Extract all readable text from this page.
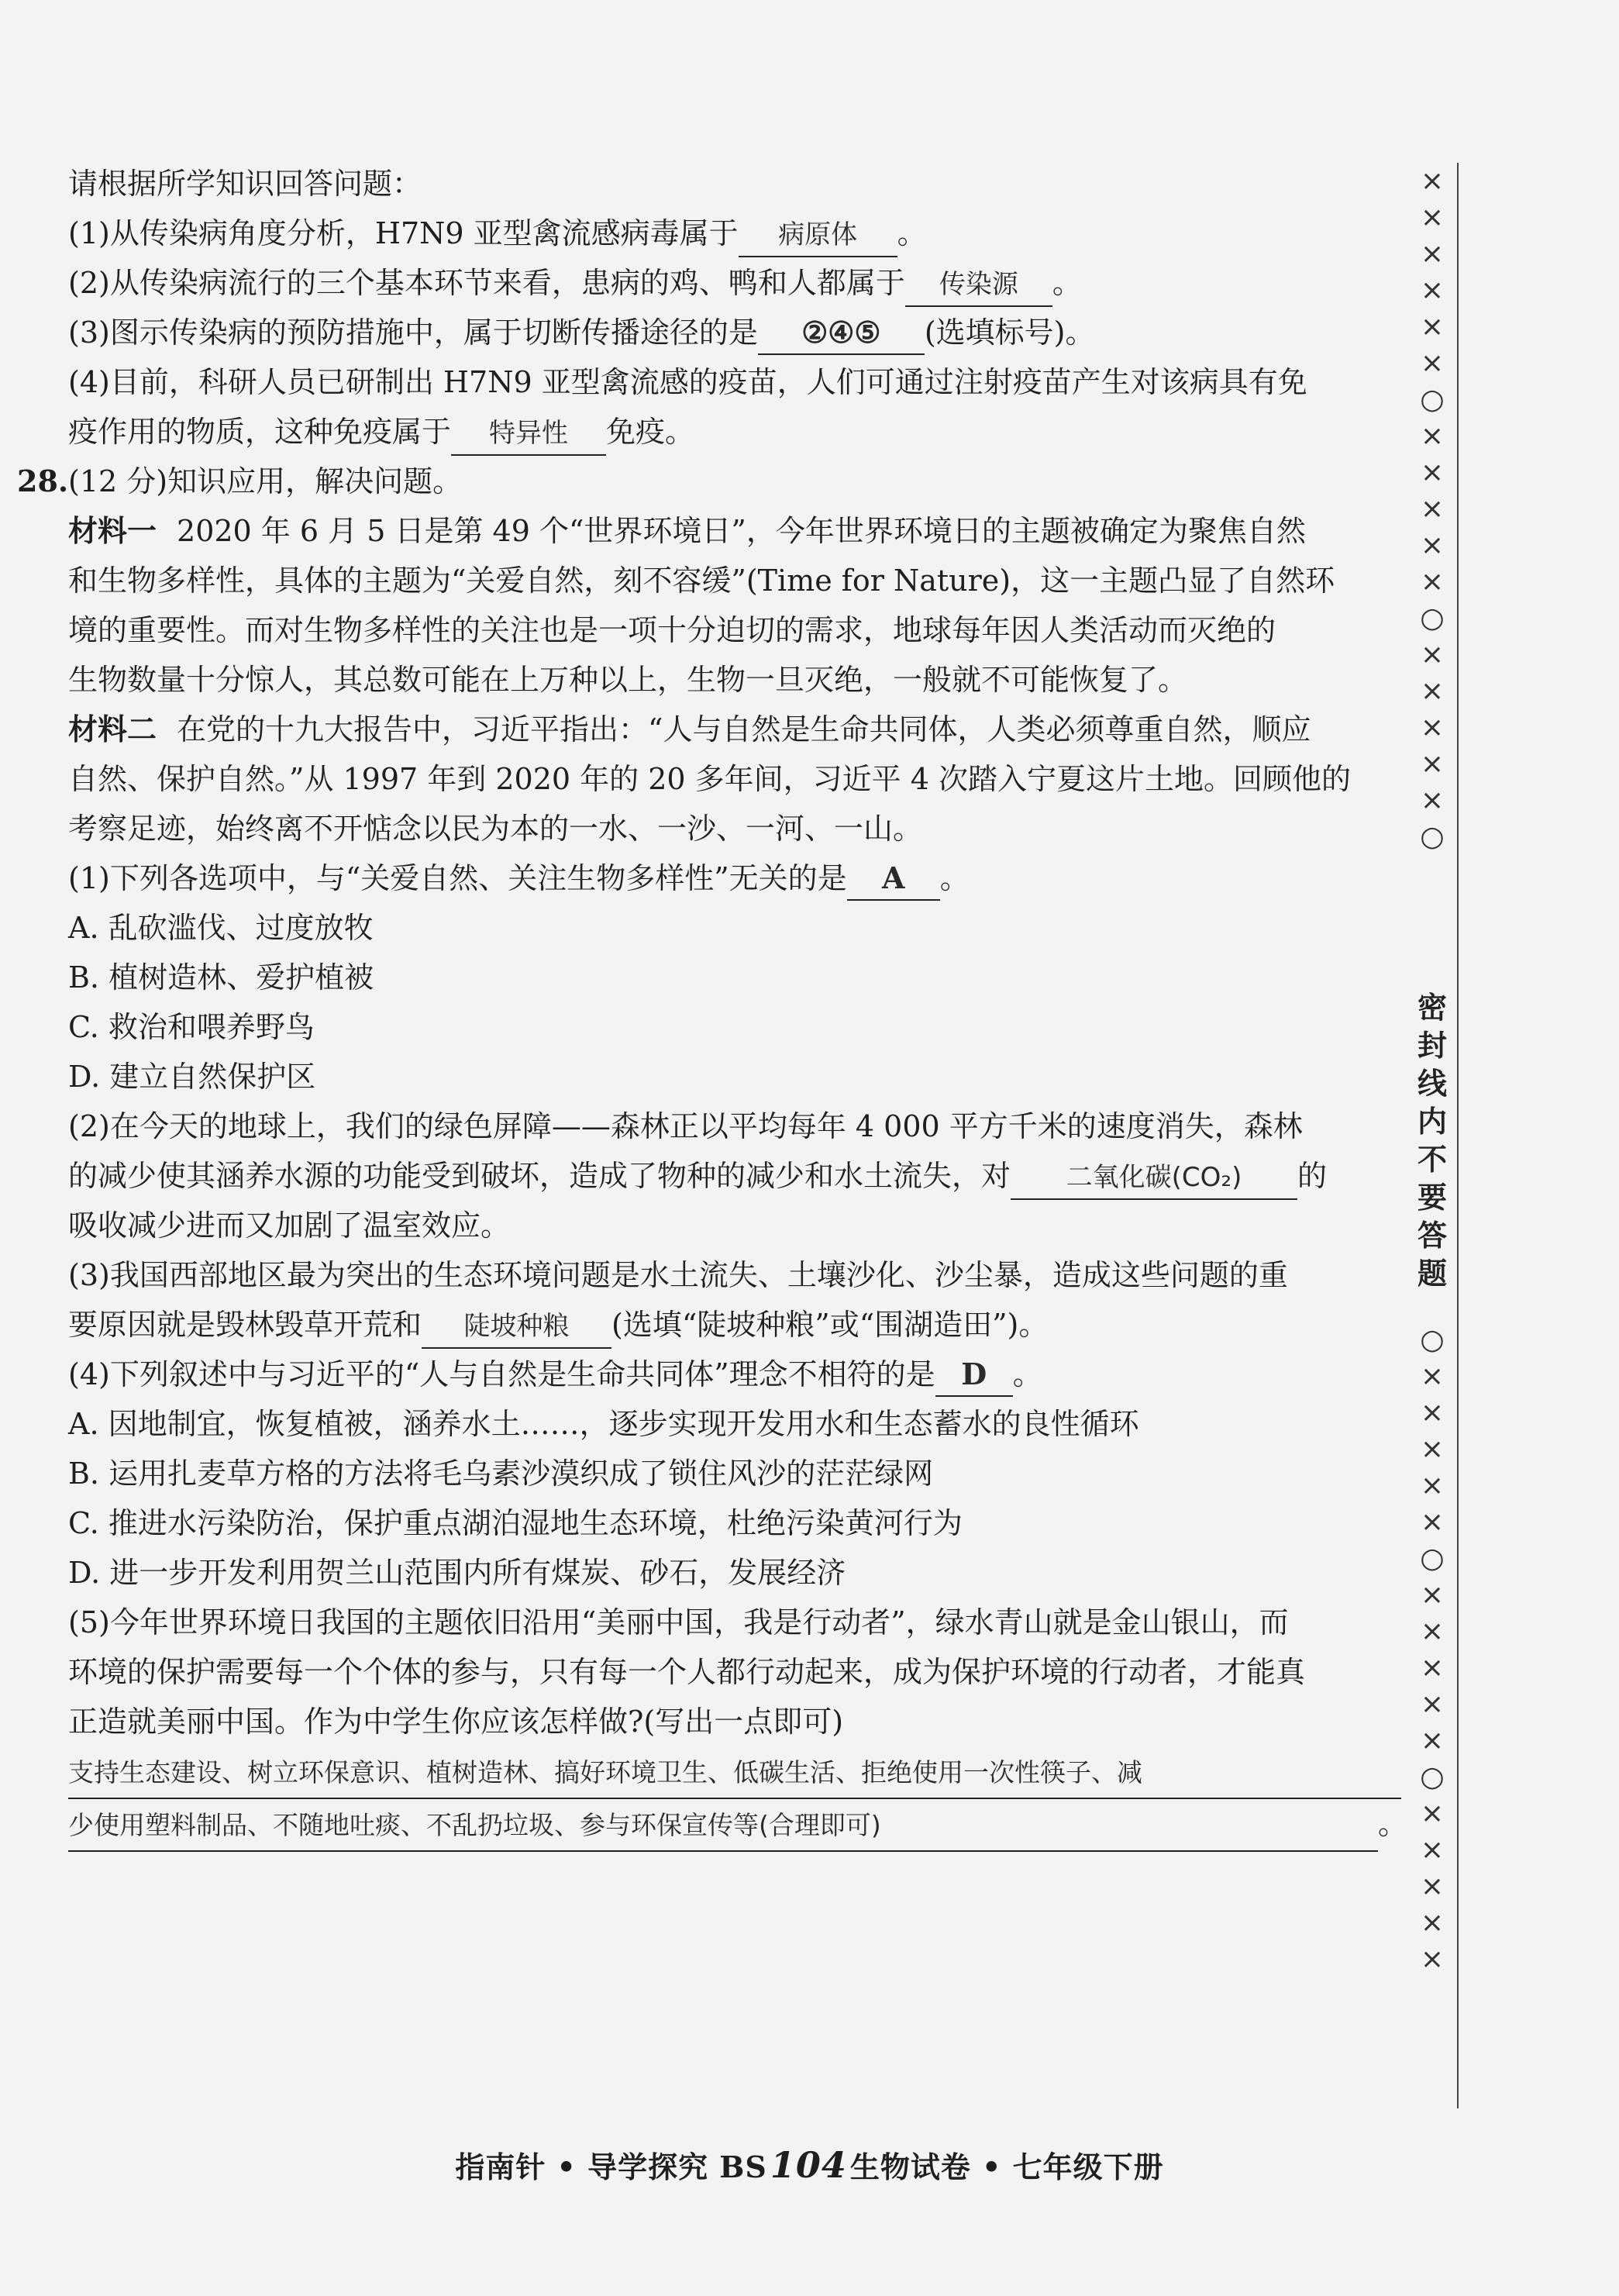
请根据所学知识回答问题：
(1)从传染病角度分析，H7N9 亚型禽流感病毒属于 病原体 。
(2)从传染病流行的三个基本环节来看，患病的鸡、鸭和人都属于 传染源 。
(3)图示传染病的预防措施中，属于切断传播途径的是 ②④⑤ (选填标号)。
(4)目前，科研人员已研制出 H7N9 亚型禽流感的疫苗，人们可通过注射疫苗产生对该病具有免
疫作用的物质，这种免疫属于 特异性 免疫。
28. (12 分)知识应用，解决问题。
材料一 2020 年 6 月 5 日是第 49 个“世界环境日”，今年世界环境日的主题被确定为聚焦自然
和生物多样性，具体的主题为“关爱自然，刻不容缓”(Time for Nature)，这一主题凸显了自然环
境的重要性。而对生物多样性的关注也是一项十分迫切的需求，地球每年因人类活动而灭绝的
生物数量十分惊人，其总数可能在上万种以上，生物一旦灭绝，一般就不可能恢复了。
材料二 在党的十九大报告中，习近平指出：“人与自然是生命共同体，人类必须尊重自然，顺应
自然、保护自然。”从 1997 年到 2020 年的 20 多年间，习近平 4 次踏入宁夏这片土地。回顾他的
考察足迹，始终离不开惦念以民为本的一水、一沙、一河、一山。
(1)下列各选项中，与“关爱自然、关注生物多样性”无关的是 A 。
A. 乱砍滥伐、过度放牧
B. 植树造林、爱护植被
C. 救治和喂养野鸟
D. 建立自然保护区
(2)在今天的地球上，我们的绿色屏障——森林正以平均每年 4 000 平方千米的速度消失，森林
的减少使其涵养水源的功能受到破坏，造成了物种的减少和水土流失，对 二氧化碳(CO₂) 的
吸收减少进而又加剧了温室效应。
(3)我国西部地区最为突出的生态环境问题是水土流失、土壤沙化、沙尘暴，造成这些问题的重
要原因就是毁林毁草开荒和 陡坡种粮 (选填“陡坡种粮”或“围湖造田”)。
(4)下列叙述中与习近平的“人与自然是生命共同体”理念不相符的是 D 。
A. 因地制宜，恢复植被，涵养水土……，逐步实现开发用水和生态蓄水的良性循环
B. 运用扎麦草方格的方法将毛乌素沙漠织成了锁住风沙的茫茫绿网
C. 推进水污染防治，保护重点湖泊湿地生态环境，杜绝污染黄河行为
D. 进一步开发利用贺兰山范围内所有煤炭、砂石，发展经济
(5)今年世界环境日我国的主题依旧沿用“美丽中国，我是行动者”，绿水青山就是金山银山，而
环境的保护需要每一个个体的参与，只有每一个人都行动起来，成为保护环境的行动者，才能真
正造就美丽中国。作为中学生你应该怎样做?(写出一点即可)
支持生态建设、树立环保意识、植树造林、搞好环境卫生、低碳生活、拒绝使用一次性筷子、减
少使用塑料制品、不随地吐痰、不乱扔垃圾、参与环保宣传等(合理即可)	。
×
×
×
×
×
×
○
×
×
×
×
×
○
×
×
×
×
×
○
密
封
线
内
不
要
答
题
○
×
×
×
×
×
○
×
×
×
×
×
○
×
×
×
×
×
指南针 • 导学探究 BS104 生物试卷 • 七年级下册
